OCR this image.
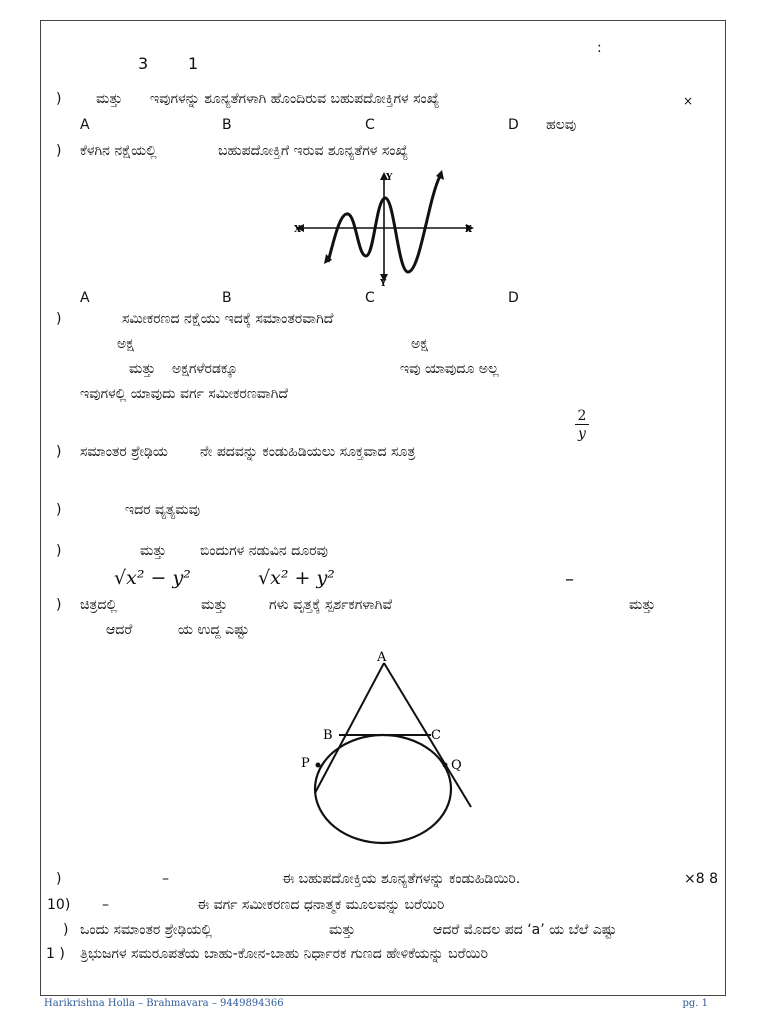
:
3 1
) ಮತ್ತು ಇವುಗಳನ್ನು ಶೂನ್ಯತೆಗಳಾಗಿ ಹೊಂದಿರುವ ಬಹುಪದೋಕ್ತಿಗಳ ಸಂಖ್ಯೆ	×
A	B	C	D ಹಲವು
) ಕೆಳಗಿನ ನಕ್ಷೆಯಲ್ಲಿ	ಬಹುಪದೋಕ್ತಿಗೆ ಇರುವ ಶೂನ್ಯತೆಗಳ ಸಂಖ್ಯೆ
X	X
Y
Y
A	B	C	D
)	ಸಮೀಕರಣದ ನಕ್ಷೆಯು ಇದಕ್ಕೆ ಸಮಾಂತರವಾಗಿದೆ
ಅಕ್ಷ	ಅಕ್ಷ
ಮತ್ತು ಅಕ್ಷಗಳೆರಡಕ್ಕೂ	ಇವು ಯಾವುದೂ ಅಲ್ಲ
ಇವುಗಳಲ್ಲಿ ಯಾವುದು ವರ್ಗ ಸಮೀಕರಣವಾಗಿದೆ
$\frac{2}{y}$
) ಸಮಾಂತರ ಶ್ರೇಢಿಯ ನೇ ಪದವನ್ನು ಕಂಡುಹಿಡಿಯಲು ಸೂಕ್ತವಾದ ಸೂತ್ರ
)	ಇದರ ವ್ಯತ್ಯಮವು
)	ಮತ್ತು ಬಿಂದುಗಳ ನಡುವಿನ ದೂರವು
√x² − y²	√x² + y²	–
) ಚಿತ್ರದಲ್ಲಿ	ಮತ್ತು	ಗಳು ವೃತ್ತಕ್ಕೆ ಸ್ಪರ್ಶಕಗಳಾಗಿವೆ	ಮತ್ತು
ಆದರೆ	ಯ ಉದ್ದ ಎಷ್ಟು
A
B	C
P	Q
)	–	ಈ ಬಹುಪದೋಕ್ತಿಯ ಶೂನ್ಯತೆಗಳನ್ನು ಕಂಡುಹಿಡಿಯಿರಿ.	×8 8
10) –	ಈ ವರ್ಗ ಸಮೀಕರಣದ ಧನಾತ್ಮಕ ಮೂಲವನ್ನು ಬರೆಯಿರಿ
) ಒಂದು ಸಮಾಂತರ ಶ್ರೇಢಿಯಲ್ಲಿ	ಮತ್ತು	ಆದರೆ ಮೊದಲ ಪದ ‘a’ ಯ ಬೆಲೆ ಎಷ್ಟು
1 ) ತ್ರಿಭುಜಗಳ ಸಮರೂಪತೆಯ ಬಾಹು-ಕೋನ-ಬಾಹು ನಿರ್ಧಾರಕ ಗುಣದ ಹೇಳಿಕೆಯನ್ನು ಬರೆಯಿರಿ
Harikrishna Holla – Brahmavara – 9449894366	pg. 1
